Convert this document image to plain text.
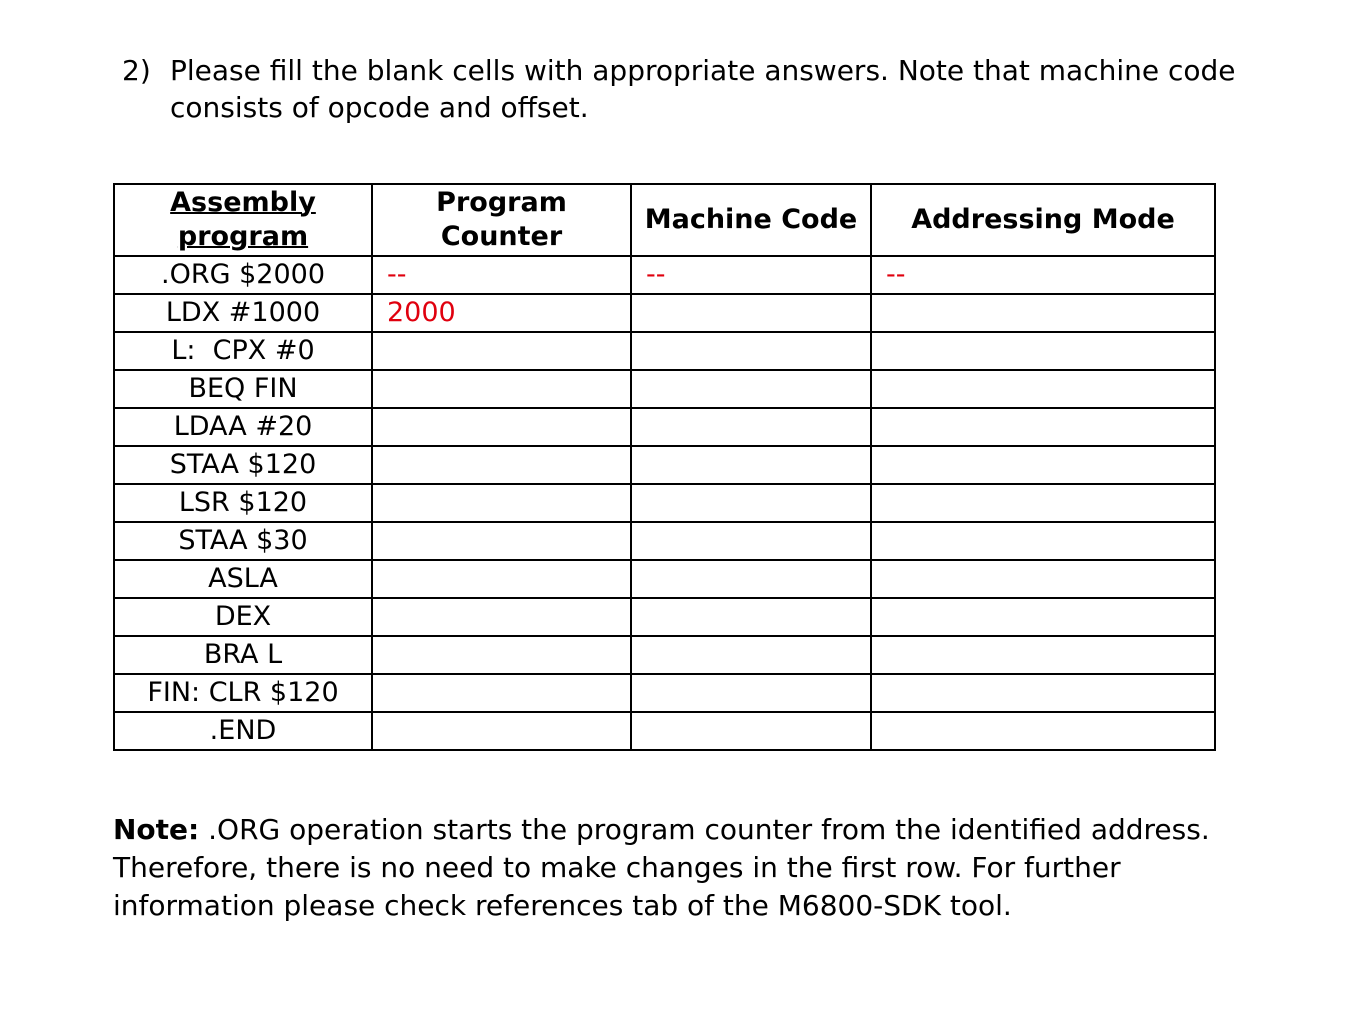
2) Please fill the blank cells with appropriate answers. Note that machine code consists of opcode and offset.
Assembly program	Program Counter	Machine Code	Addressing Mode
.ORG $2000	--	--	--
LDX #1000	2000		
L:  CPX #0			
BEQ FIN			
LDAA #20			
STAA $120			
LSR $120			
STAA $30			
ASLA			
DEX			
BRA L			
FIN: CLR $120			
.END			
Note: .ORG operation starts the program counter from the identified address. Therefore, there is no need to make changes in the first row. For further information please check references tab of the M6800-SDK tool.
